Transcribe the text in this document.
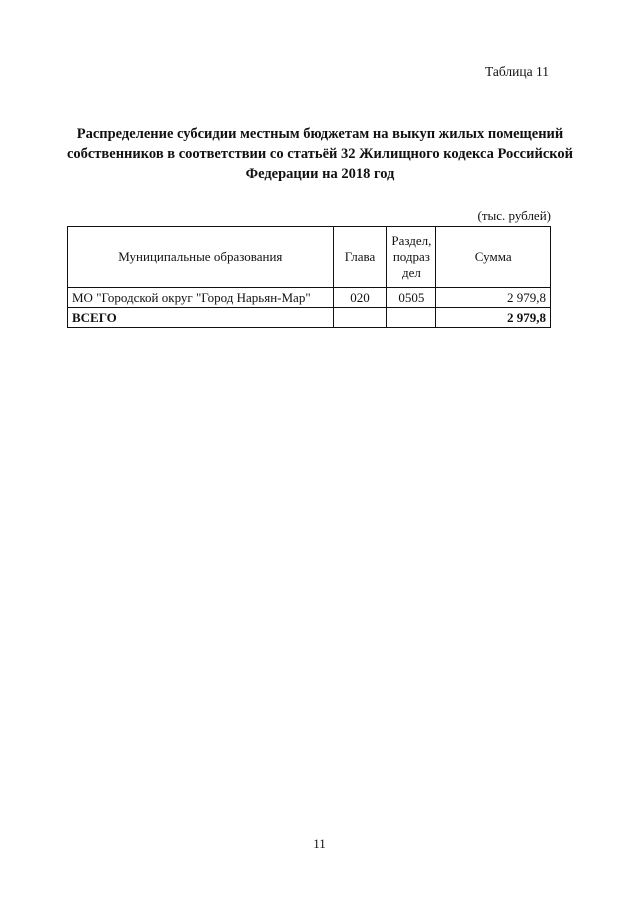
Таблица 11
Распределение субсидии местным бюджетам на выкуп жилых помещений собственников в соответствии со статьёй 32 Жилищного кодекса Российской Федерации на 2018 год
(тыс. рублей)
Муниципальные образования	Глава	Раздел, подраз дел	Сумма
МО "Городской округ "Город Нарьян-Мар"	020	0505	2 979,8
ВСЕГО			2 979,8
11
